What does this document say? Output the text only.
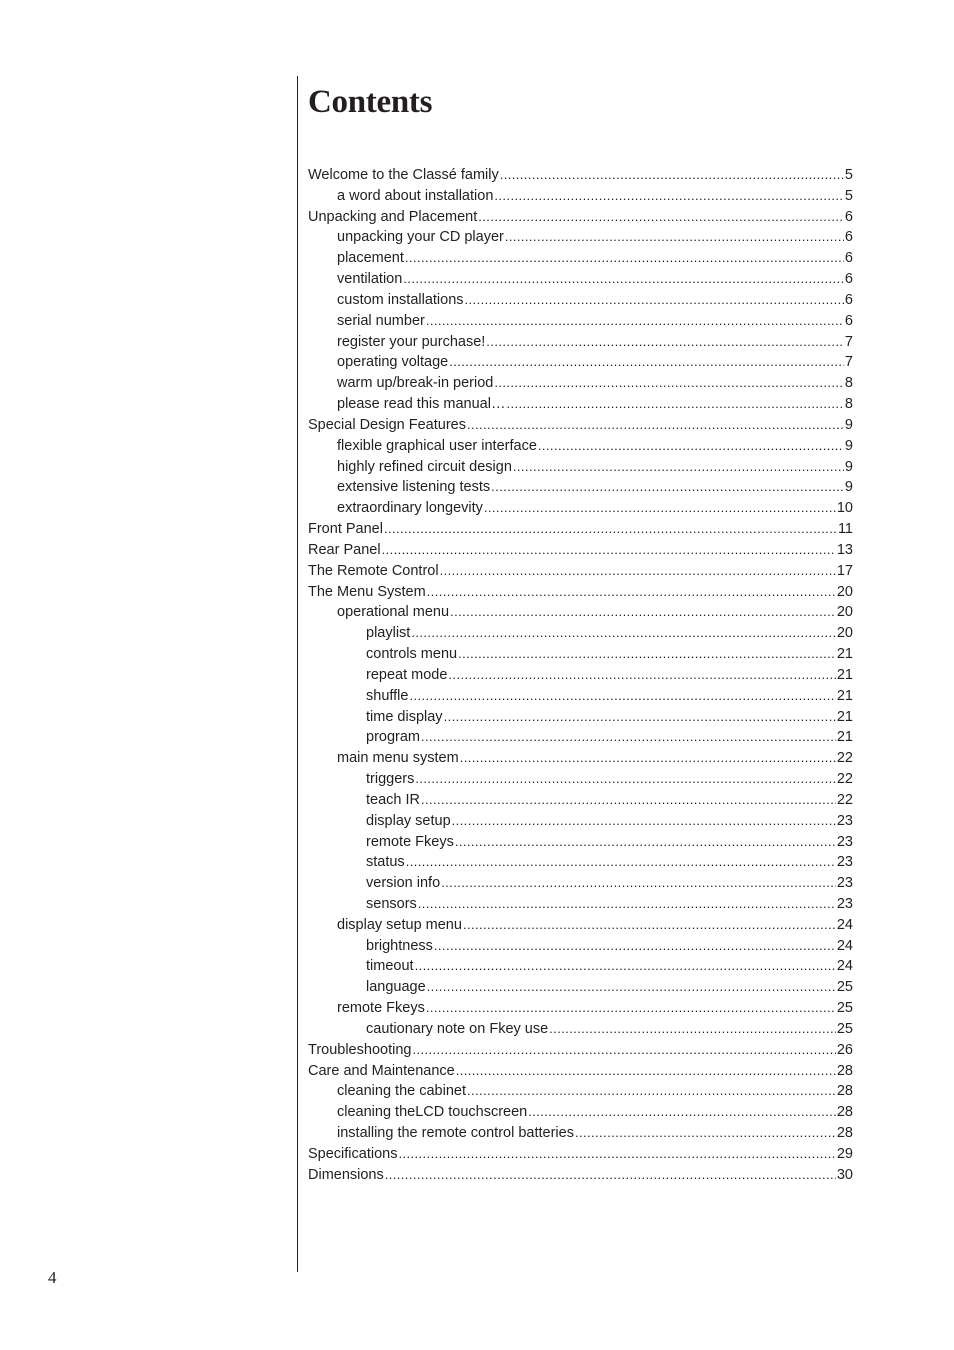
Contents
Welcome to the Classé family .....	5
a word about installation .....	5
Unpacking and Placement .....	6
unpacking your CD player .....	6
placement .....	6
ventilation .....	6
custom installations .....	6
serial number .....	6
register your purchase! .....	7
operating voltage .....	7
warm up/break-in period .....	8
please read this manual… .....	8
Special Design Features .....	9
flexible graphical user interface .....	9
highly refined circuit design .....	9
extensive listening tests .....	9
extraordinary longevity .....	10
Front Panel .....	11
Rear Panel .....	13
The Remote Control .....	17
The Menu System .....	20
operational menu .....	20
playlist .....	20
controls menu .....	21
repeat mode .....	21
shuffle .....	21
time display .....	21
program .....	21
main menu system .....	22
triggers .....	22
teach IR .....	22
display setup .....	23
remote Fkeys .....	23
status .....	23
version info .....	23
sensors .....	23
display setup menu .....	24
brightness .....	24
timeout .....	24
language .....	25
remote Fkeys .....	25
cautionary note on Fkey use .....	25
Troubleshooting .....	26
Care and Maintenance .....	28
cleaning the cabinet .....	28
cleaning theLCD touchscreen .....	28
installing the remote control batteries .....	28
Specifications .....	29
Dimensions .....	30
4
